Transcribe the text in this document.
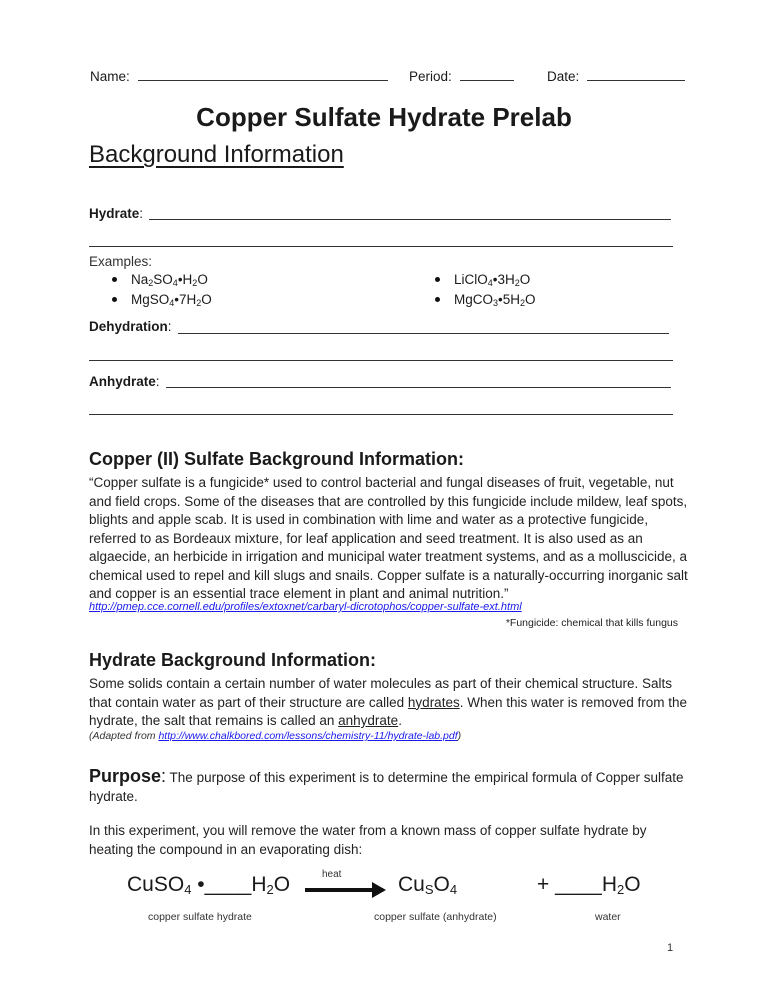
Name:	Period:	Date:
Copper Sulfate Hydrate Prelab
Background Information
Hydrate:
Examples:
$Na_2SO_4•H_2O$
$MgSO_4•7H_2O$
$LiClO_4•3H_2O$
$MgCO_3•5H_2O$
Dehydration:
Anhydrate:
Copper (II) Sulfate Background Information:
“Copper sulfate is a fungicide* used to control bacterial and fungal diseases of fruit, vegetable, nut and field crops. Some of the diseases that are controlled by this fungicide include mildew, leaf spots, blights and apple scab. It is used in combination with lime and water as a protective fungicide, referred to as Bordeaux mixture, for leaf application and seed treatment. It is also used as an algaecide, an herbicide in irrigation and municipal water treatment systems, and as a molluscicide, a chemical used to repel and kill slugs and snails. Copper sulfate is a naturally-occurring inorganic salt and copper is an essential trace element in plant and animal nutrition.”
http://pmep.cce.cornell.edu/profiles/extoxnet/carbaryl-dicrotophos/copper-sulfate-ext.html
*Fungicide: chemical that kills fungus
Hydrate Background Information:
Some solids contain a certain number of water molecules as part of their chemical structure. Salts that contain water as part of their structure are called hydrates. When this water is removed from the hydrate, the salt that remains is called an anhydrate.
(Adapted from http://www.chalkbored.com/lessons/chemistry-11/hydrate-lab.pdf)
Purpose: The purpose of this experiment is to determine the empirical formula of Copper sulfate hydrate.
In this experiment, you will remove the water from a known mass of copper sulfate hydrate by heating the compound in an evaporating dish:
CuSO$_4$ $•\_\_\_\_H_2O$	heat	$Cu_SO_4$	+ $\_\_\_\_H_2O$
copper sulfate hydrate	copper sulfate (anhydrate)	water
1
